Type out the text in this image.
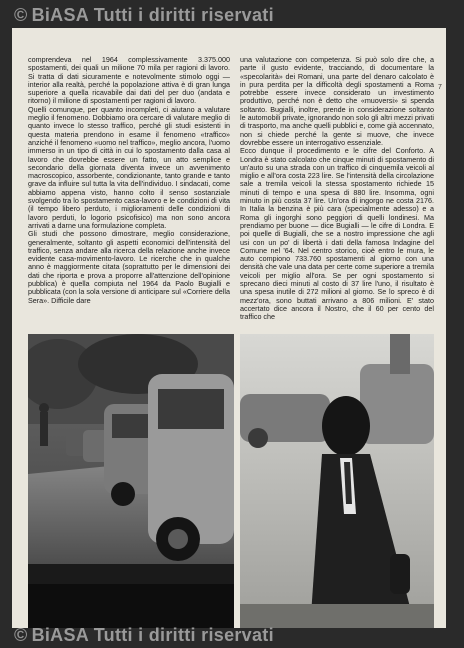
© BiASA Tutti i diritti riservati

comprendeva nel 1964 complessivamente 3.375.000 spostamenti, dei quali un milione 70 mila per ragioni di lavoro. Si tratta di dati sicuramente e notevolmente stimolo oggi — interior alla realtà, perché la popolazione attiva è di gran lunga superiore a quella ricavabile dai dati del per duo (andata e ritorno) il milione di spostamenti per ragioni di lavoro.

Quelli comunque, per quanto incompleti, ci aiutano a valutare meglio il fenomeno. Dobbiamo ora cercare di valutare meglio di quanto invece lo stesso traffico, perché gli studi esistenti in questa materia prendono in esame il fenomeno «traffico» anziché il fenomeno «uomo nel traffico», meglio ancora, l'uomo immerso in un tipo di città in cui lo spostamento dalla casa al lavoro che dovrebbe essere un fatto, un atto semplice e secondario della giornata diventa invece un avvenimento macroscopico, assorbente, condizionante, tanto grande e tanto grave da influire sul tutta la vita dell'individuo. I sindacati, come abbiamo appena visto, hanno colto il senso sostanziale svolgendo tra lo spostamento casa-lavoro e le condizioni di vita (il tempo libero perduto, i miglioramenti delle condizioni di lavoro perduti, lo logorio psicofisico) ma non sono ancora arrivati a darne una formulazione completa.

Gli studi che possono dimostrare, meglio considerazione, generalmente, soltanto gli aspetti economici dell'intensità del traffico, senza andare alla ricerca della relazione anche invece evidente casa-movimento-lavoro. Le ricerche che in qualche anno è maggiormente citata (soprattutto per le dimensioni dei dati che riporta e prova a proporre all'attenzione dell'opinione pubblica) è quella compiuta nel 1964 da Paolo Bugialli e pubblicata (con la sola versione di anticipare sul «Corriere della Sera». Difficile dare

una valutazione con competenza. Si può solo dire che, a parte il gusto evidente, tracciando, di documentare la «specolarità» dei Romani, una parte del denaro calcolato è in pura perdita per la difficoltà degli spostamenti a Roma potrebbe essere invece considerato un investimento produttivo, perché non è detto che «muoversi» si spenda soltanto. Bugialli, inoltre, prende in considerazione soltanto le automobili private, ignorando non solo gli altri mezzi privati di trasporto, ma anche quelli pubblici e, come già accennato, non si chiede perché la gente si muove, che invece dovrebbe essere un interrogativo essenziale.

Ecco dunque il procedimento e le cifre del Conforto. A Londra è stato calcolato che cinque minuti di spostamento di un'auto su una strada con un traffico di cinquemila veicoli al miglio e all'ora costa 223 lire. Se l'intensità della circolazione sale a tremila veicoli la stessa spostamento richiede 15 minuti di tempo e una spesa di 880 lire. Insomma, ogni minuto in più costa 37 lire. Un'ora di ingorgo ne costa 2176. In Italia la benzina è più cara (specialmente adesso) e a Roma gli ingorghi sono peggiori di quelli londinesi. Ma prendiamo per buone — dice Bugialli — le cifre di Londra. E poi quelle di Bugialli, che se a nostro impressione che agli usi con un po' di libertà i dati della famosa Indagine del Comune nel '64. Nel centro storico, cioè entro le mura, le auto compiono 733.760 spostamenti al giorno con una densità che vale una data per certe come superiore a tremila veicoli per miglio all'ora. Se per ogni spostamento si sprecano dieci minuti al costo di 37 lire l'uno, il risultato è una spesa inutile di 272 milioni al giorno. Se lo spreco è di mezz'ora, sono buttati arrivano a 806 milioni. E' stato accertato dice ancora il Nostro, che il 60 per cento del traffico che

7
© BiASA Tutti i diritti riservati
